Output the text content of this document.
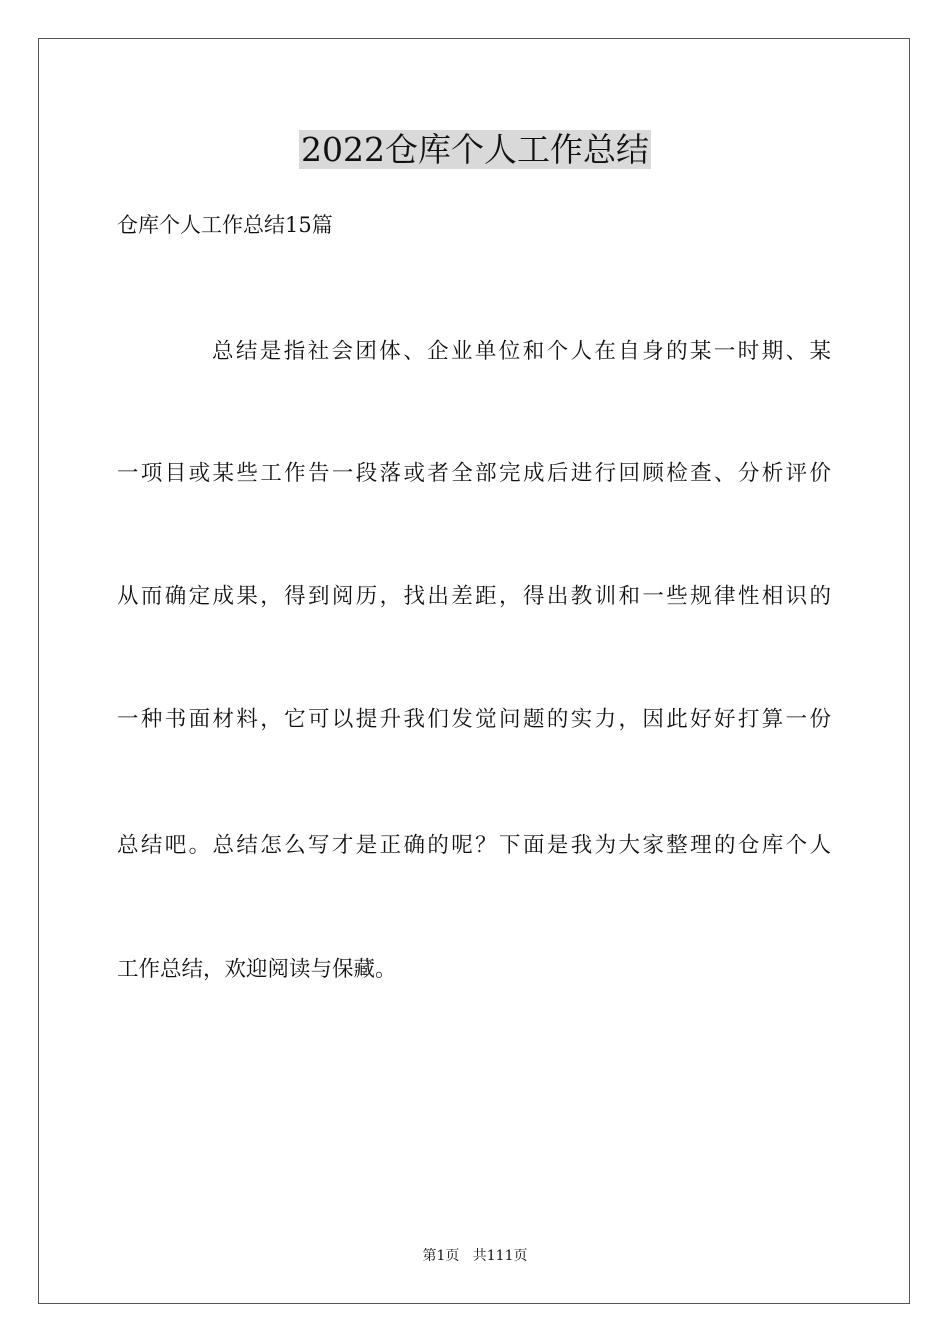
2022仓库个人工作总结

仓库个人工作总结15篇

总结是指社会团体、企业单位和个人在自身的某一时期、某

一项目或某些工作告一段落或者全部完成后进行回顾检查、分析评价

从而确定成果，得到阅历，找出差距，得出教训和一些规律性相识的

一种书面材料，它可以提升我们发觉问题的实力，因此好好打算一份

总结吧。总结怎么写才是正确的呢？下面是我为大家整理的仓库个人

工作总结，欢迎阅读与保藏。

第1页   共111页
